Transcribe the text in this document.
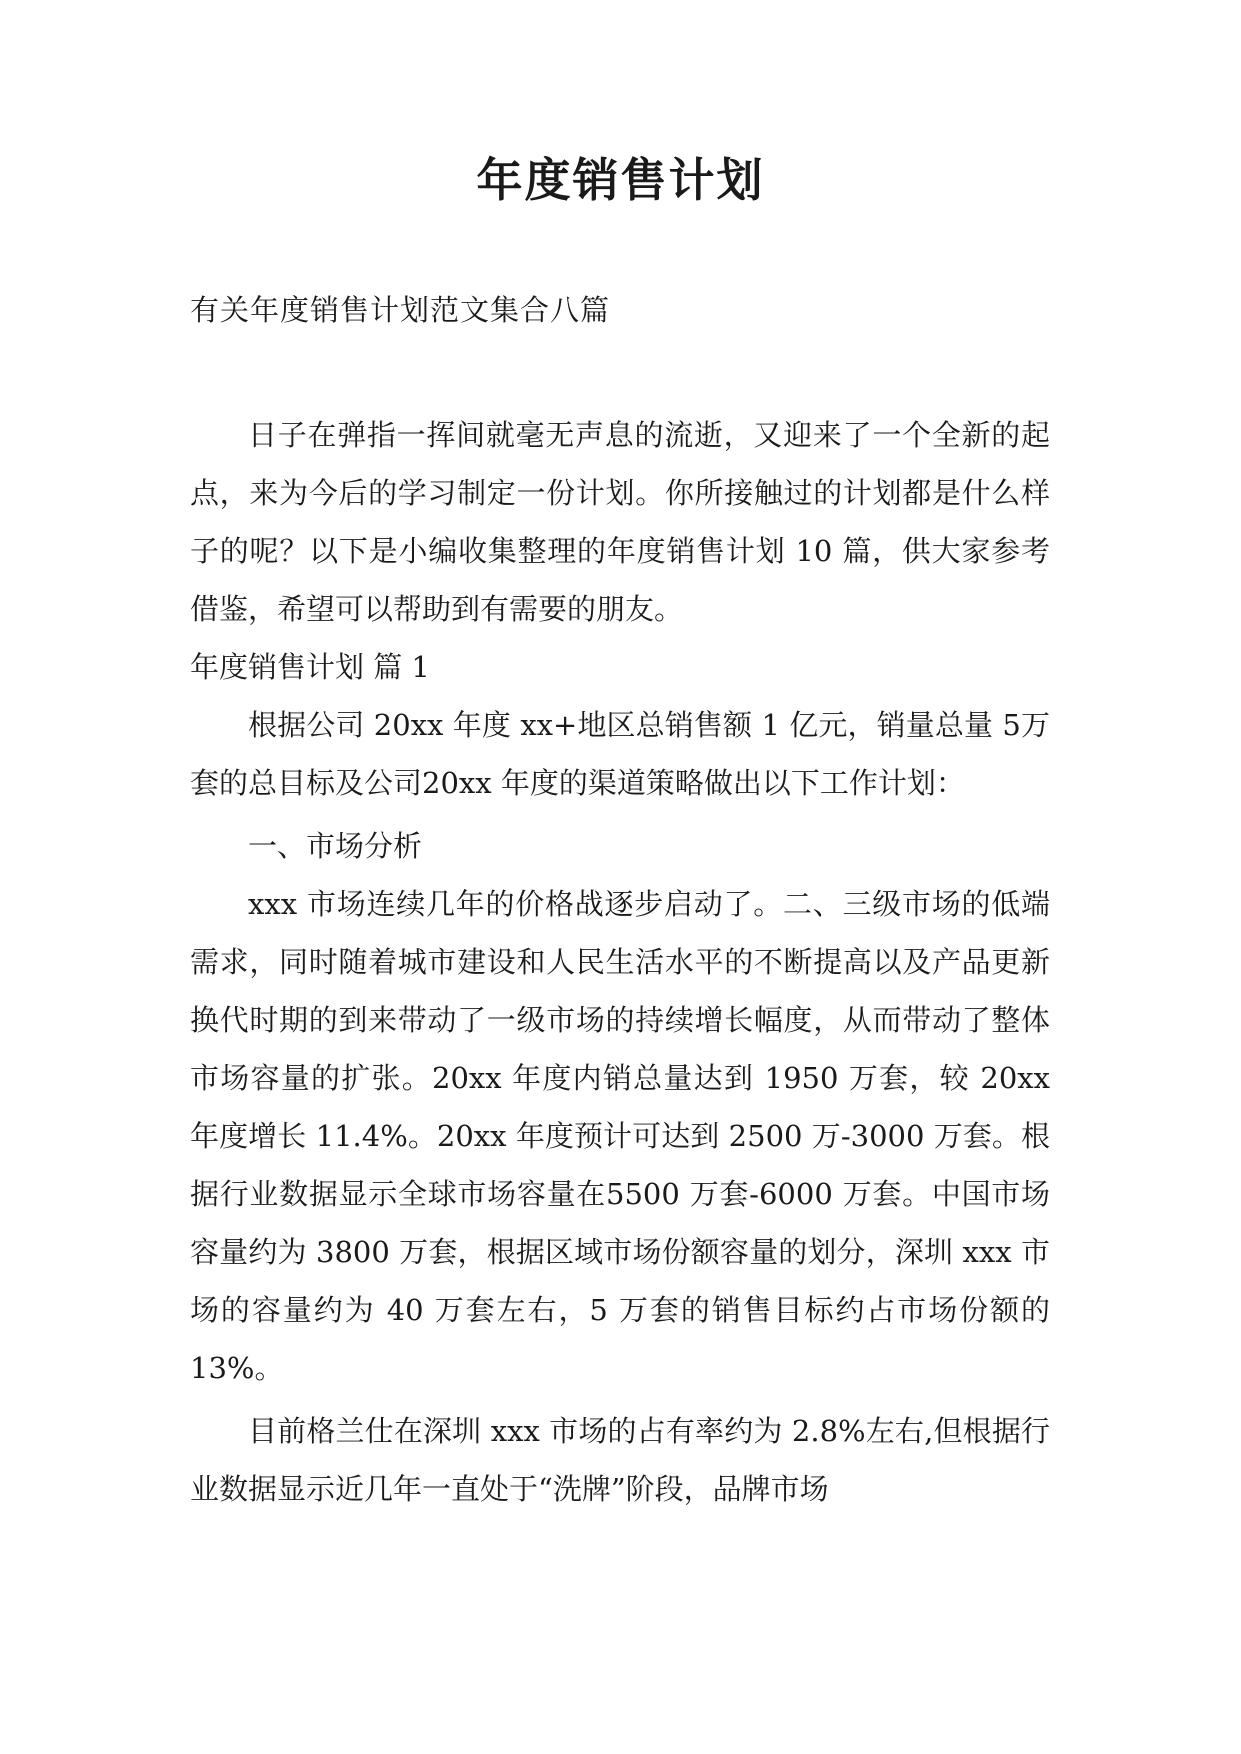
年度销售计划
有关年度销售计划范文集合八篇

日子在弹指一挥间就毫无声息的流逝，又迎来了一个全新的起点，来为今后的学习制定一份计划。你所接触过的计划都是什么样子的呢？以下是小编收集整理的年度销售计划 10 篇，供大家参考借鉴，希望可以帮助到有需要的朋友。

年度销售计划 篇 1

根据公司 20xx 年度 xx+地区总销售额 1 亿元，销量总量 5万套的总目标及公司20xx 年度的渠道策略做出以下工作计划：

一、市场分析

xxx 市场连续几年的价格战逐步启动了。二、三级市场的低端需求，同时随着城市建设和人民生活水平的不断提高以及产品更新换代时期的到来带动了一级市场的持续增长幅度，从而带动了整体市场容量的扩张。20xx 年度内销总量达到 1950 万套，较 20xx 年度增长 11.4%。20xx 年度预计可达到 2500 万-3000 万套。根据行业数据显示全球市场容量在5500 万套-6000 万套。中国市场容量约为 3800 万套，根据区域市场份额容量的划分，深圳 xxx 市场的容量约为 40 万套左右，5 万套的销售目标约占市场份额的 13%。

目前格兰仕在深圳 xxx 市场的占有率约为 2.8%左右,但根据行业数据显示近几年一直处于“洗牌”阶段，品牌市场
